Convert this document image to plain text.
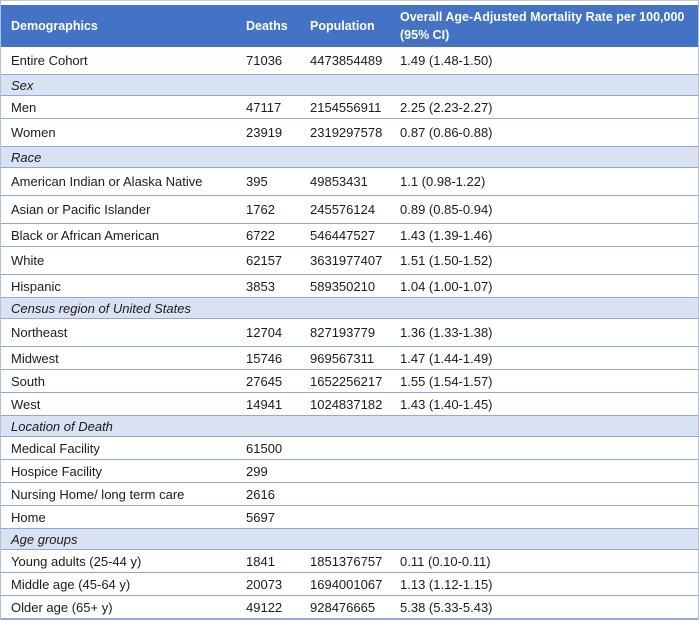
Demographics	Deaths	Population	Overall Age-Adjusted Mortality Rate per 100,000 (95% CI)
Entire Cohort	71036	4473854489	1.49 (1.48-1.50)
Sex			
Men	47117	2154556911	2.25 (2.23-2.27)
Women	23919	2319297578	0.87 (0.86-0.88)
Race			
American Indian or Alaska Native	395	49853431	1.1 (0.98-1.22)
Asian or Pacific Islander	1762	245576124	0.89 (0.85-0.94)
Black or African American	6722	546447527	1.43 (1.39-1.46)
White	62157	3631977407	1.51 (1.50-1.52)
Hispanic	3853	589350210	1.04 (1.00-1.07)
Census region of United States			
Northeast	12704	827193779	1.36 (1.33-1.38)
Midwest	15746	969567311	1.47 (1.44-1.49)
South	27645	1652256217	1.55 (1.54-1.57)
West	14941	1024837182	1.43 (1.40-1.45)
Location of Death			
Medical Facility	61500		
Hospice Facility	299		
Nursing Home/ long term care	2616		
Home	5697		
Age groups			
Young adults (25-44 y)	1841	1851376757	0.11 (0.10-0.11)
Middle age (45-64 y)	20073	1694001067	1.13 (1.12-1.15)
Older age (65+ y)	49122	928476665	5.38 (5.33-5.43)
